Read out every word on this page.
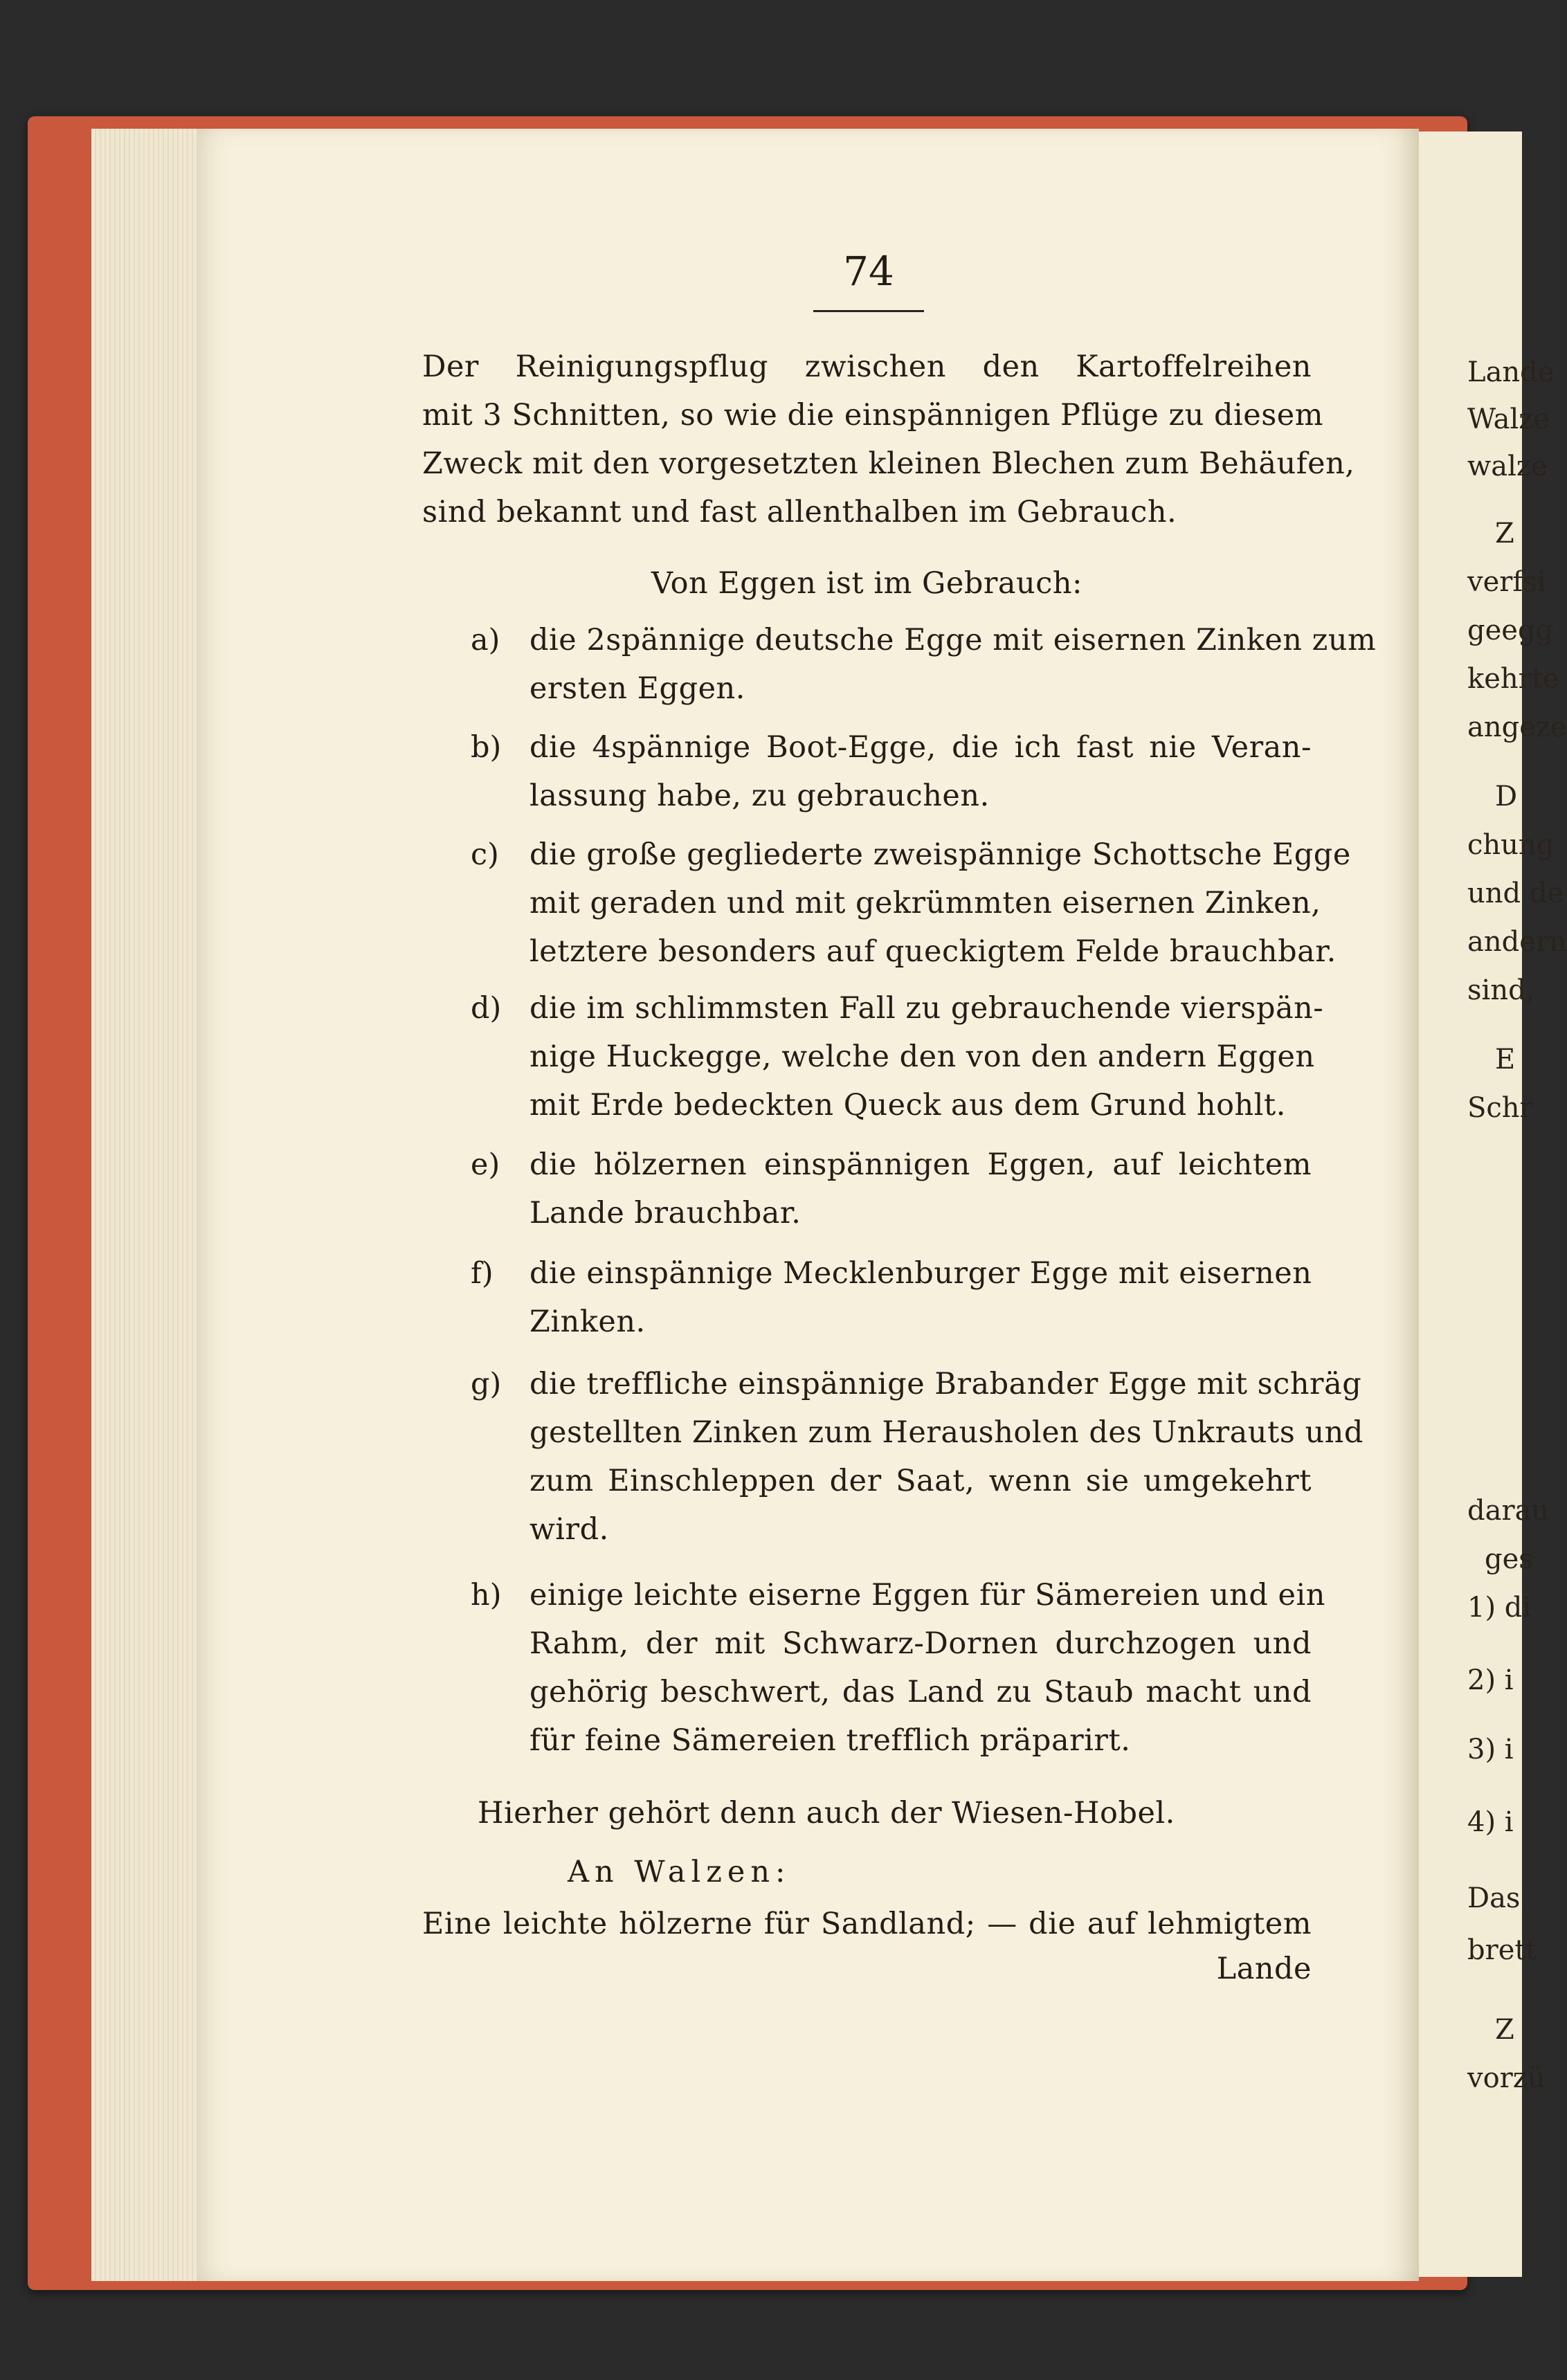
Lande
Walze
walze
Z
verfsi
geegg
kehrte
angeze
D
chung
und de
andern
sind,
E
Schr
darau
ges
1) di
2) i
3) i
4) i
Das
brett
Z
vorzü
74
Der Reinigungspflug zwischen den Kartoffelreihen
mit 3 Schnitten, so wie die einspännigen Pflüge zu diesem
Zweck mit den vorgesetzten kleinen Blechen zum Behäufen,
sind bekannt und fast allenthalben im Gebrauch.
Von Eggen ist im Gebrauch:
a) die 2spännige deutsche Egge mit eisernen Zinken zum
ersten Eggen.
b) die 4spännige Boot-Egge, die ich fast nie Veran-
lassung habe, zu gebrauchen.
c)	die große gegliederte zweispännige Schottsche Egge
mit geraden und mit gekrümmten eisernen Zinken,
letztere besonders auf queckigtem Felde brauchbar.
d) die im schlimmsten Fall zu gebrauchende vierspän-
nige Huckegge, welche den von den andern Eggen
mit Erde bedeckten Queck aus dem Grund hohlt.
e) die hölzernen einspännigen Eggen, auf leichtem
Lande brauchbar.
f)	die einspännige Mecklenburger Egge mit eisernen
Zinken.
g) die treffliche einspännige Brabander Egge mit schräg
gestellten Zinken zum Herausholen des Unkrauts und
zum Einschleppen der Saat, wenn sie umgekehrt
wird.
h) einige leichte eiserne Eggen für Sämereien und ein
Rahm, der mit Schwarz-Dornen durchzogen und
gehörig beschwert, das Land zu Staub macht und
für feine Sämereien trefflich präparirt.
Hierher gehört denn auch der Wiesen-Hobel.
An Walzen:
Eine leichte hölzerne für Sandland; — die auf lehmigtem
Lande
